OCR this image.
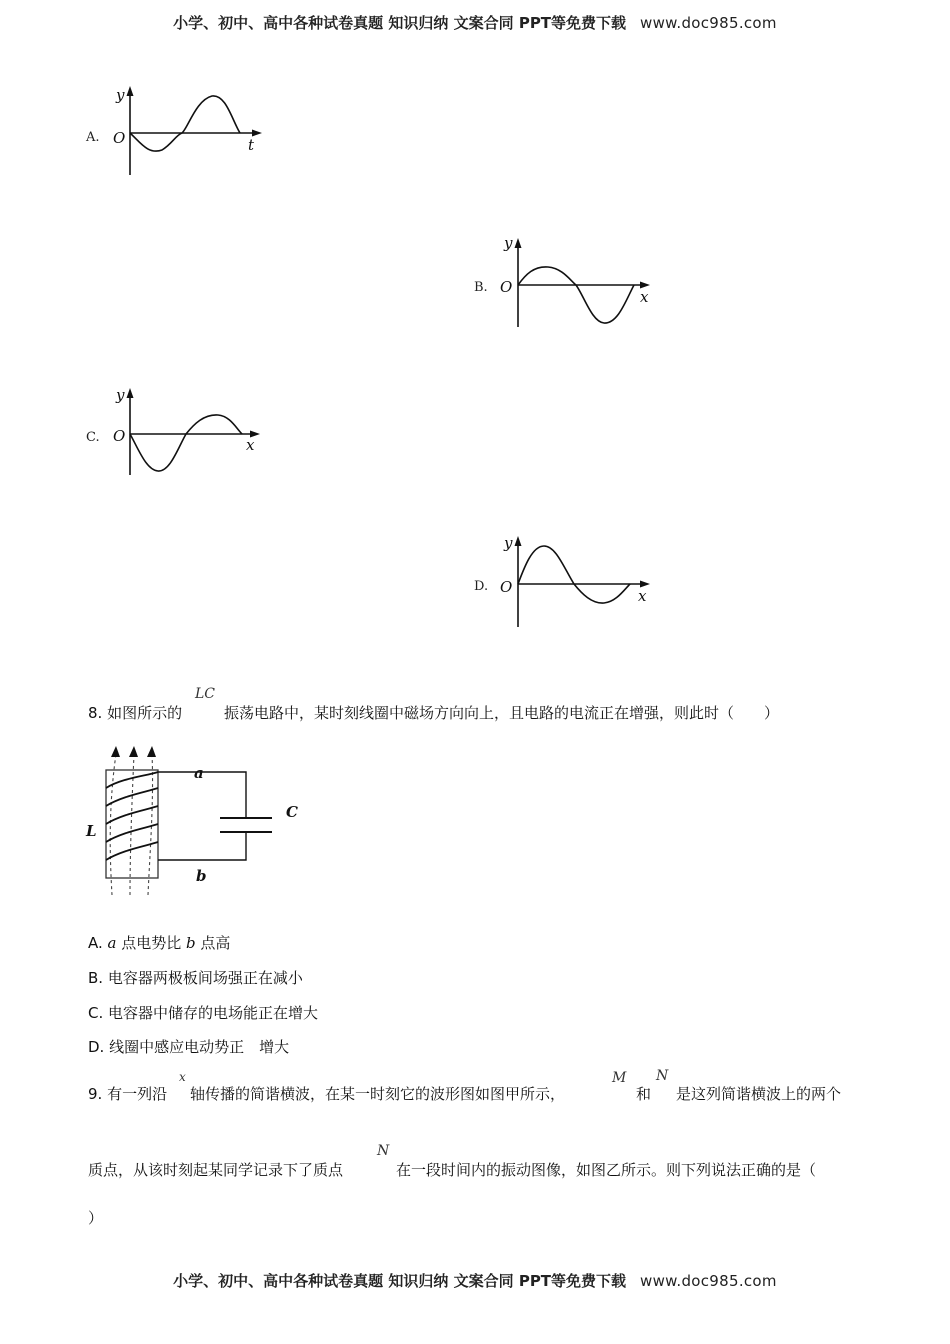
小学、初中、高中各种试卷真题 知识归纳 文案合同 PPT等免费下载 www.doc985.com
A.
y
O	t
B.
y
O
x
C.
y
O	x
D.
y
O	x
8. 如图所示的
LC
振荡电路中，某时刻线圈中磁场方向向上，且电路的电流正在增强，则此时（　　）
L
C
a
b
A. a 点电势比 b 点高
B. 电容器两极板间场强正在减小
C. 电容器中储存的电场能正在增大
D. 线圈中感应电动势正　增大
9. 有一列沿
x
轴传播的简谐横波，在某一时刻它的波形图如图甲所示，
M
和
N
是这列简谐横波上的两个
质点，从该时刻起某同学记录下了质点
N
在一段时间内的振动图像，如图乙所示。则下列说法正确的是（
）
小学、初中、高中各种试卷真题 知识归纳 文案合同 PPT等免费下载 www.doc985.com
